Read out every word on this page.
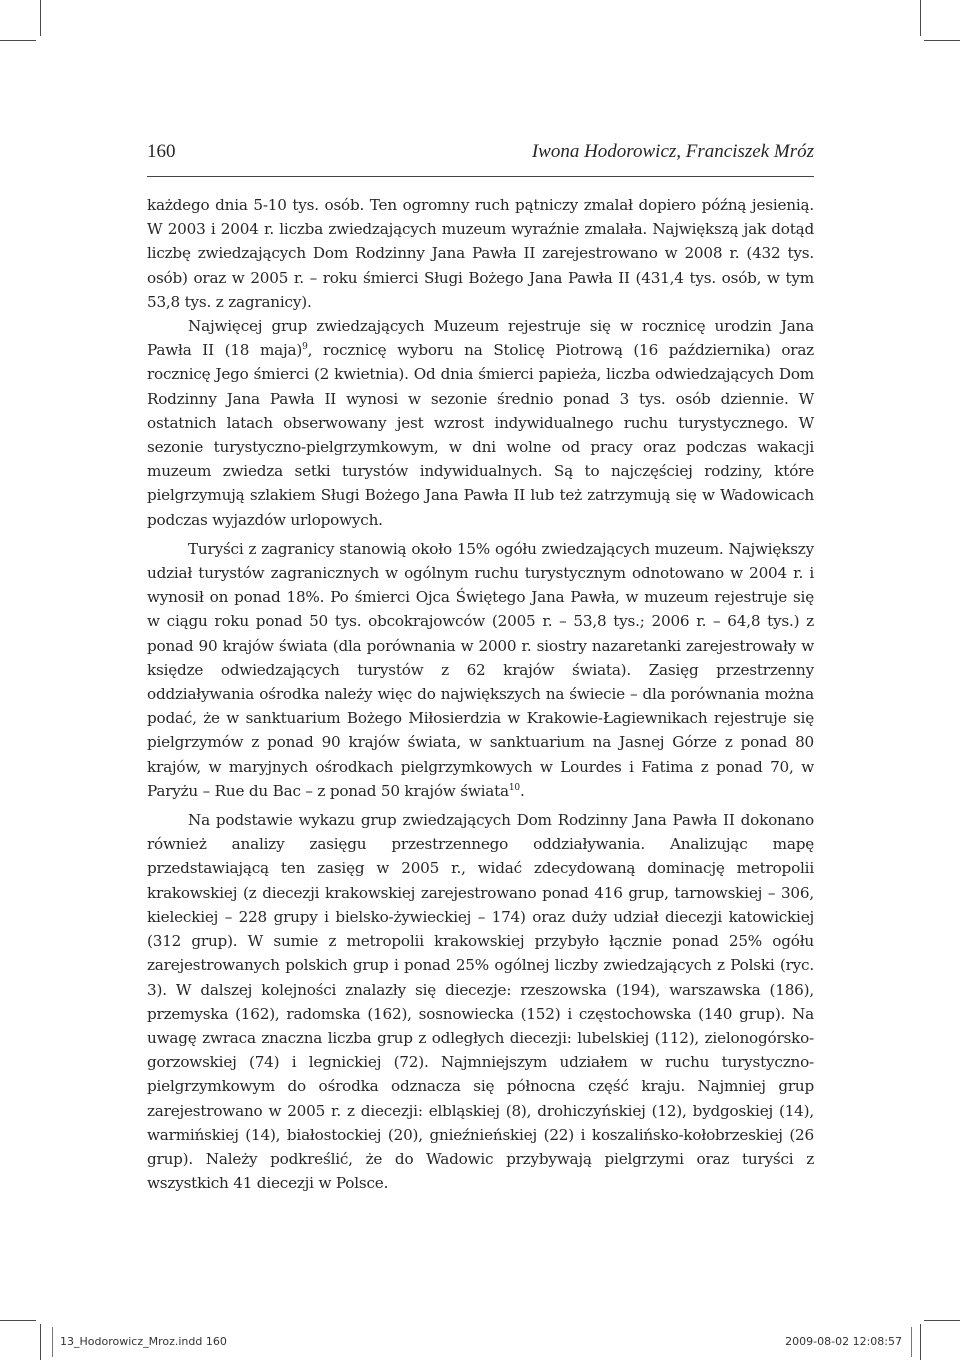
160	Iwona Hodorowicz, Franciszek Mróz

każdego dnia 5-10 tys. osób. Ten ogromny ruch pątniczy zmalał dopiero późną jesienią. W 2003 i 2004 r. liczba zwiedzających muzeum wyraźnie zmalała. Największą jak dotąd liczbę zwiedzających Dom Rodzinny Jana Pawła II zarejestrowano w 2008 r. (432 tys. osób) oraz w 2005 r. – roku śmierci Sługi Bożego Jana Pawła II (431,4 tys. osób, w tym 53,8 tys. z zagranicy).

Najwięcej grup zwiedzających Muzeum rejestruje się w rocznicę urodzin Jana Pawła II (18 maja)$^9$, rocznicę wyboru na Stolicę Piotrową (16 października) oraz rocznicę Jego śmierci (2 kwietnia). Od dnia śmierci papieża, liczba odwiedzających Dom Rodzinny Jana Pawła II wynosi w sezonie średnio ponad 3 tys. osób dziennie. W ostatnich latach obserwowany jest wzrost indywidualnego ruchu turystycznego. W sezonie turystyczno-pielgrzymkowym, w dni wolne od pracy oraz podczas wakacji muzeum zwiedza setki turystów indywidualnych. Są to najczęściej rodziny, które pielgrzymują szlakiem Sługi Bożego Jana Pawła II lub też zatrzymują się w Wadowicach podczas wyjazdów urlopowych.

Turyści z zagranicy stanowią około 15% ogółu zwiedzających muzeum. Największy udział turystów zagranicznych w ogólnym ruchu turystycznym odnotowano w 2004 r. i wynosił on ponad 18%. Po śmierci Ojca Świętego Jana Pawła, w muzeum rejestruje się w ciągu roku ponad 50 tys. obcokrajowców (2005 r. – 53,8 tys.; 2006 r. – 64,8 tys.) z ponad 90 krajów świata (dla porównania w 2000 r. siostry nazaretanki zarejestrowały w księdze odwiedzających turystów z 62 krajów świata). Zasięg przestrzenny oddziaływania ośrodka należy więc do największych na świecie – dla porównania można podać, że w sanktuarium Bożego Miłosierdzia w Krakowie-Łagiewnikach rejestruje się pielgrzymów z ponad 90 krajów świata, w sanktuarium na Jasnej Górze z ponad 80 krajów, w maryjnych ośrodkach pielgrzymkowych w Lourdes i Fatima z ponad 70, w Paryżu – Rue du Bac – z ponad 50 krajów świata$^{10}$.

Na podstawie wykazu grup zwiedzających Dom Rodzinny Jana Pawła II dokonano również analizy zasięgu przestrzennego oddziaływania. Analizując mapę przedstawiającą ten zasięg w 2005 r., widać zdecydowaną dominację metropolii krakowskiej (z diecezji krakowskiej zarejestrowano ponad 416 grup, tarnowskiej – 306, kieleckiej – 228 grupy i bielsko-żywieckiej – 174) oraz duży udział diecezji katowickiej (312 grup). W sumie z metropolii krakowskiej przybyło łącznie ponad 25% ogółu zarejestrowanych polskich grup i ponad 25% ogólnej liczby zwiedzających z Polski (ryc. 3). W dalszej kolejności znalazły się diecezje: rzeszowska (194), warszawska (186), przemyska (162), radomska (162), sosnowiecka (152) i częstochowska (140 grup). Na uwagę zwraca znaczna liczba grup z odległych diecezji: lubelskiej (112), zielonogórsko-gorzowskiej (74) i legnickiej (72). Najmniejszym udziałem w ruchu turystyczno-pielgrzymkowym do ośrodka odznacza się północna część kraju. Najmniej grup zarejestrowano w 2005 r. z diecezji: elbląskiej (8), drohiczyńskiej (12), bydgoskiej (14), warmińskiej (14), białostockiej (20), gnieźnieńskiej (22) i koszalińsko-kołobrzeskiej (26 grup). Należy podkreślić, że do Wadowic przybywają pielgrzymi oraz turyści z wszystkich 41 diecezji w Polsce.

13_Hodorowicz_Mroz.indd 160	2009-08-02 12:08:57
